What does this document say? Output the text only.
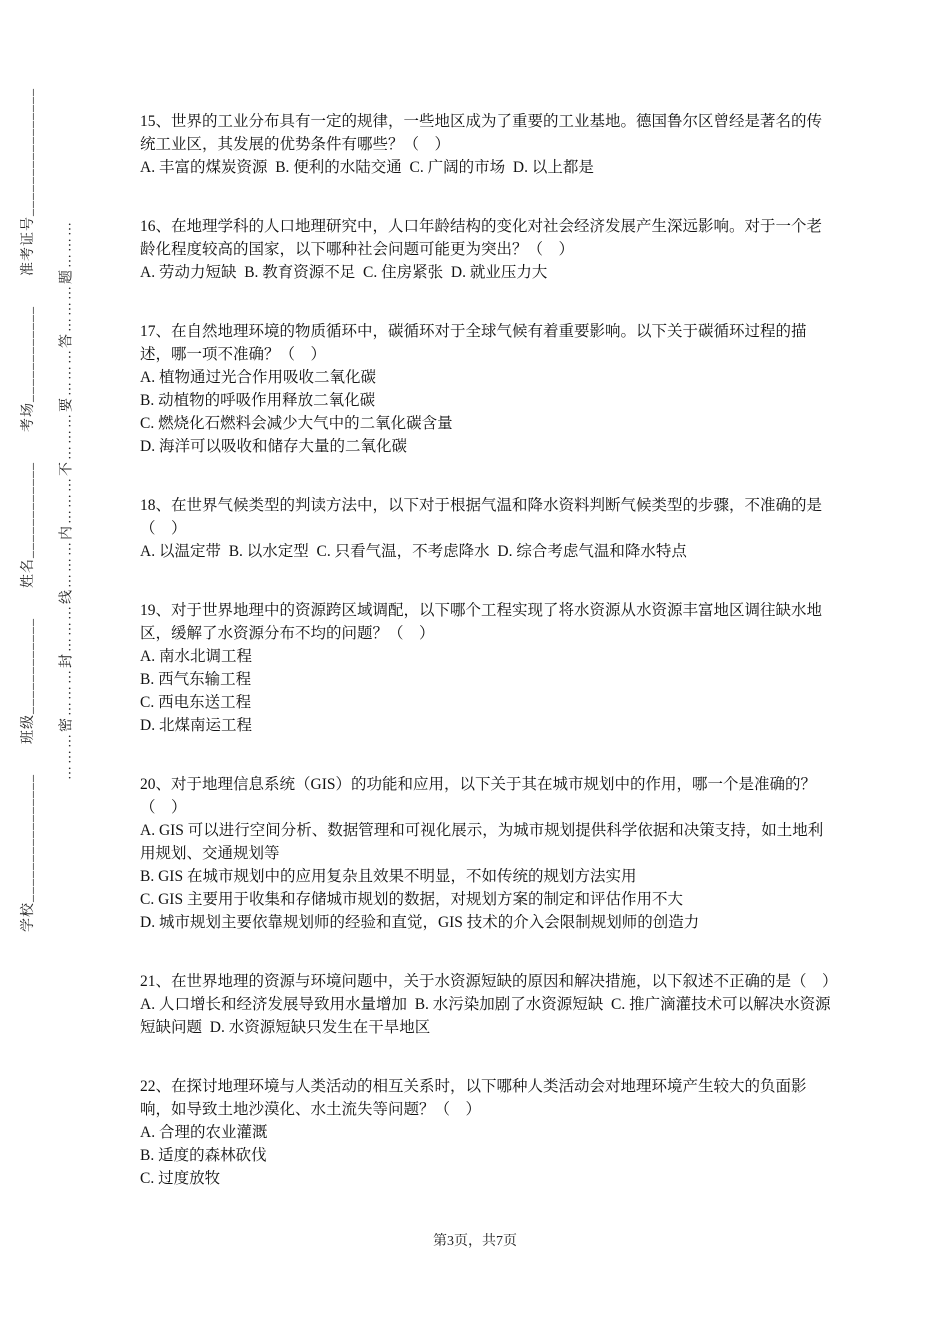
学校________________　　班级____________　　姓名____________　　考场____________　　准考证号________________ ………密………封………线………内………不………要………答………题………

15、世界的工业分布具有一定的规律，一些地区成为了重要的工业基地。德国鲁尔区曾经是著名的传统工业区，其发展的优势条件有哪些？（　）

A. 丰富的煤炭资源  B. 便利的水陆交通  C. 广阔的市场  D. 以上都是

16、在地理学科的人口地理研究中，人口年龄结构的变化对社会经济发展产生深远影响。对于一个老龄化程度较高的国家，以下哪种社会问题可能更为突出？（　）

A. 劳动力短缺  B. 教育资源不足  C. 住房紧张  D. 就业压力大

17、在自然地理环境的物质循环中，碳循环对于全球气候有着重要影响。以下关于碳循环过程的描述，哪一项不准确？（　）

A. 植物通过光合作用吸收二氧化碳

B. 动植物的呼吸作用释放二氧化碳

C. 燃烧化石燃料会减少大气中的二氧化碳含量

D. 海洋可以吸收和储存大量的二氧化碳

18、在世界气候类型的判读方法中，以下对于根据气温和降水资料判断气候类型的步骤，不准确的是（　）

A. 以温定带  B. 以水定型  C. 只看气温，不考虑降水  D. 综合考虑气温和降水特点

19、对于世界地理中的资源跨区域调配，以下哪个工程实现了将水资源从水资源丰富地区调往缺水地区，缓解了水资源分布不均的问题？（　）

A. 南水北调工程

B. 西气东输工程

C. 西电东送工程

D. 北煤南运工程

20、对于地理信息系统（GIS）的功能和应用，以下关于其在城市规划中的作用，哪一个是准确的？（　）

A. GIS 可以进行空间分析、数据管理和可视化展示，为城市规划提供科学依据和决策支持，如土地利用规划、交通规划等

B. GIS 在城市规划中的应用复杂且效果不明显，不如传统的规划方法实用

C. GIS 主要用于收集和存储城市规划的数据，对规划方案的制定和评估作用不大

D. 城市规划主要依靠规划师的经验和直觉，GIS 技术的介入会限制规划师的创造力

21、在世界地理的资源与环境问题中，关于水资源短缺的原因和解决措施，以下叙述不正确的是（　）

A. 人口增长和经济发展导致用水量增加  B. 水污染加剧了水资源短缺  C. 推广滴灌技术可以解决水资源短缺问题  D. 水资源短缺只发生在干旱地区

22、在探讨地理环境与人类活动的相互关系时，以下哪种人类活动会对地理环境产生较大的负面影响，如导致土地沙漠化、水土流失等问题？（　）

A. 合理的农业灌溉

B. 适度的森林砍伐

C. 过度放牧

第3页，共7页
